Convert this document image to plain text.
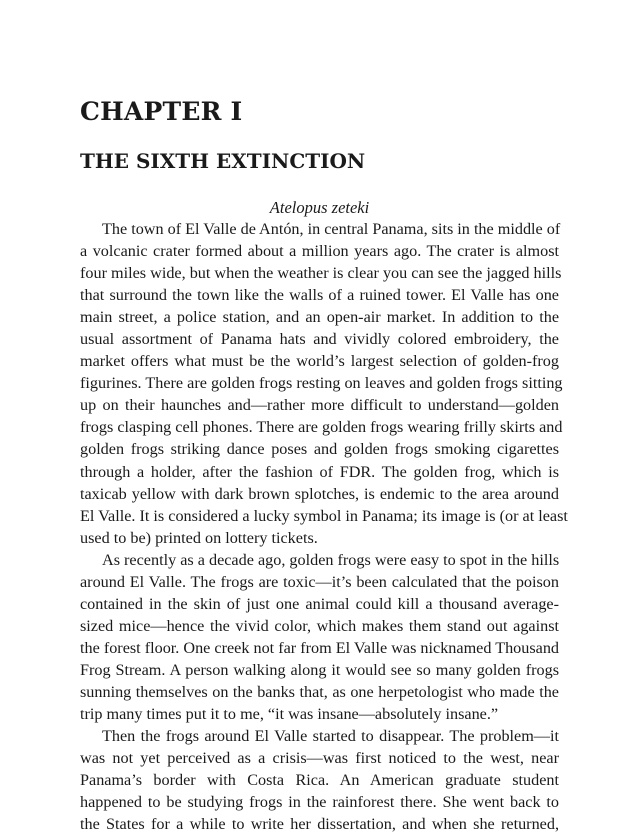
CHAPTER I
THE SIXTH EXTINCTION
Atelopus zeteki
The town of El Valle de Antón, in central Panama, sits in the middle of
a volcanic crater formed about a million years ago. The crater is almost
four miles wide, but when the weather is clear you can see the jagged hills
that surround the town like the walls of a ruined tower. El Valle has one
main street, a police station, and an open-air market. In addition to the
usual assortment of Panama hats and vividly colored embroidery, the
market offers what must be the world’s largest selection of golden-frog
figurines. There are golden frogs resting on leaves and golden frogs sitting
up on their haunches and—rather more difficult to understand—golden
frogs clasping cell phones. There are golden frogs wearing frilly skirts and
golden frogs striking dance poses and golden frogs smoking cigarettes
through a holder, after the fashion of FDR. The golden frog, which is
taxicab yellow with dark brown splotches, is endemic to the area around
El Valle. It is considered a lucky symbol in Panama; its image is (or at least
used to be) printed on lottery tickets.
As recently as a decade ago, golden frogs were easy to spot in the hills
around El Valle. The frogs are toxic—it’s been calculated that the poison
contained in the skin of just one animal could kill a thousand average-
sized mice—hence the vivid color, which makes them stand out against
the forest floor. One creek not far from El Valle was nicknamed Thousand
Frog Stream. A person walking along it would see so many golden frogs
sunning themselves on the banks that, as one herpetologist who made the
trip many times put it to me, “it was insane—absolutely insane.”
Then the frogs around El Valle started to disappear. The problem—it
was not yet perceived as a crisis—was first noticed to the west, near
Panama’s border with Costa Rica. An American graduate student
happened to be studying frogs in the rainforest there. She went back to
the States for a while to write her dissertation, and when she returned,
